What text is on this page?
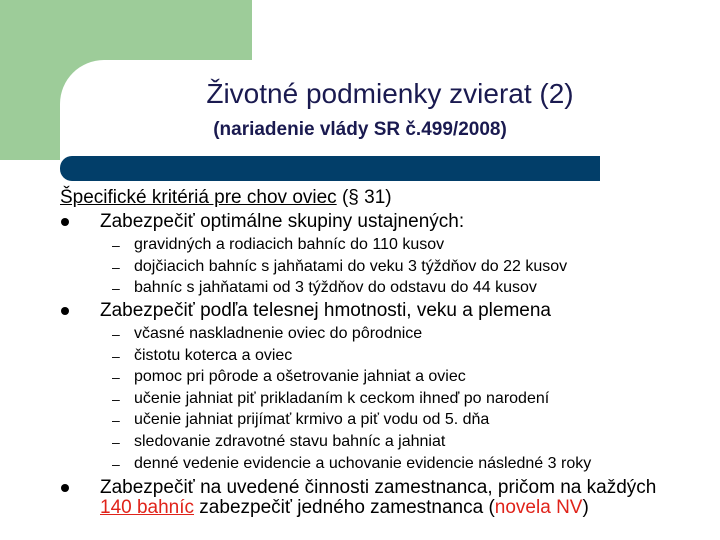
Životné podmienky zvierat (2)
(nariadenie vlády SR č.499/2008)
Špecifické kritériá pre chov oviec (§ 31)
Zabezpečiť optimálne skupiny ustajnených:
– gravidných a rodiacich bahníc do 110 kusov
– dojčiacich bahníc s jahňatami do veku 3 týždňov do 22 kusov
– bahníc s jahňatami od 3 týždňov do odstavu do 44 kusov
Zabezpečiť podľa telesnej hmotnosti, veku a plemena
– včasné naskladnenie oviec do pôrodnice
– čistotu koterca a oviec
– pomoc pri pôrode a ošetrovanie jahniat a oviec
– učenie jahniat piť prikladaním k ceckom ihneď po narodení
– učenie jahniat prijímať krmivo a piť vodu od 5. dňa
– sledovanie zdravotné stavu bahníc a jahniat
– denné vedenie evidencie a uchovanie evidencie následné 3 roky
Zabezpečiť na uvedené činnosti zamestnanca, pričom na každých
140 bahníc zabezpečiť jedného zamestnanca (novela NV)
